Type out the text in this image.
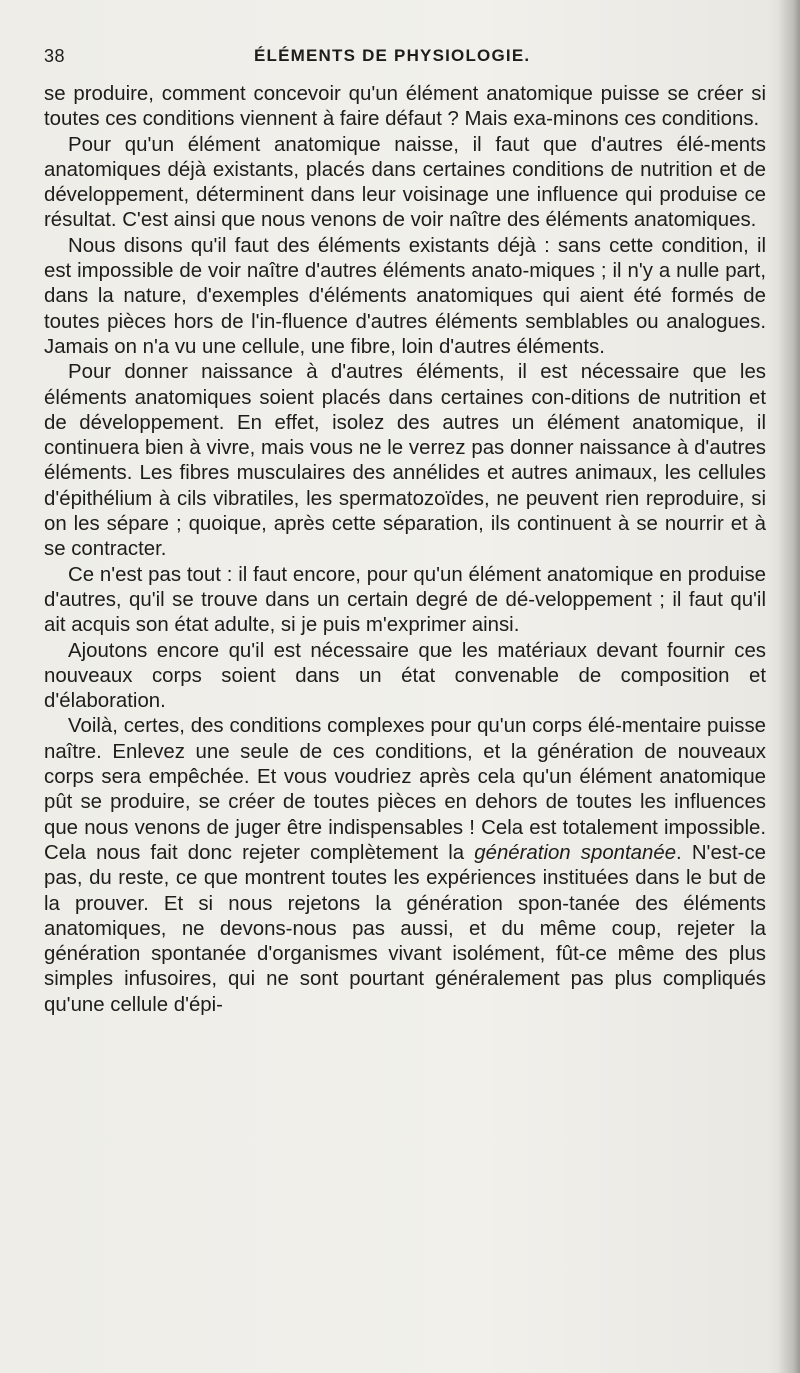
38	ÉLÉMENTS DE PHYSIOLOGIE.

se produire, comment concevoir qu'un élément anatomique puisse se créer si toutes ces conditions viennent à faire défaut ? Mais exa-minons ces conditions.

Pour qu'un élément anatomique naisse, il faut que d'autres élé-ments anatomiques déjà existants, placés dans certaines conditions de nutrition et de développement, déterminent dans leur voisinage une influence qui produise ce résultat. C'est ainsi que nous venons de voir naître des éléments anatomiques.

Nous disons qu'il faut des éléments existants déjà : sans cette condition, il est impossible de voir naître d'autres éléments anato-miques ; il n'y a nulle part, dans la nature, d'exemples d'éléments anatomiques qui aient été formés de toutes pièces hors de l'in-fluence d'autres éléments semblables ou analogues. Jamais on n'a vu une cellule, une fibre, loin d'autres éléments.

Pour donner naissance à d'autres éléments, il est nécessaire que les éléments anatomiques soient placés dans certaines con-ditions de nutrition et de développement. En effet, isolez des autres un élément anatomique, il continuera bien à vivre, mais vous ne le verrez pas donner naissance à d'autres éléments. Les fibres musculaires des annélides et autres animaux, les cellules d'épithélium à cils vibratiles, les spermatozoïdes, ne peuvent rien reproduire, si on les sépare ; quoique, après cette séparation, ils continuent à se nourrir et à se contracter.

Ce n'est pas tout : il faut encore, pour qu'un élément anatomique en produise d'autres, qu'il se trouve dans un certain degré de dé-veloppement ; il faut qu'il ait acquis son état adulte, si je puis m'exprimer ainsi.

Ajoutons encore qu'il est nécessaire que les matériaux devant fournir ces nouveaux corps soient dans un état convenable de composition et d'élaboration.

Voilà, certes, des conditions complexes pour qu'un corps élé-mentaire puisse naître. Enlevez une seule de ces conditions, et la génération de nouveaux corps sera empêchée. Et vous voudriez après cela qu'un élément anatomique pût se produire, se créer de toutes pièces en dehors de toutes les influences que nous venons de juger être indispensables ! Cela est totalement impossible. Cela nous fait donc rejeter complètement la génération spontanée. N'est-ce pas, du reste, ce que montrent toutes les expériences instituées dans le but de la prouver. Et si nous rejetons la génération spon-tanée des éléments anatomiques, ne devons-nous pas aussi, et du même coup, rejeter la génération spontanée d'organismes vivant isolément, fût-ce même des plus simples infusoires, qui ne sont pourtant généralement pas plus compliqués qu'une cellule d'épi-
